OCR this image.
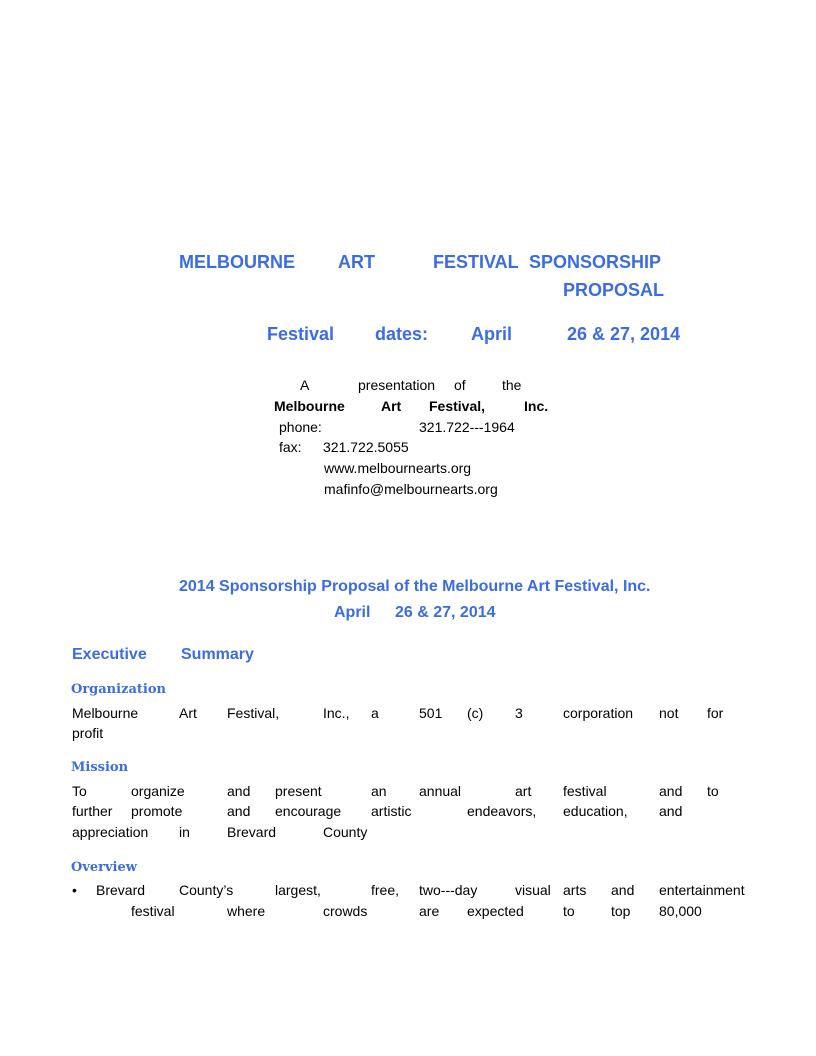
MELBOURNE ART	FESTIVAL SPONSORSHIP
PROPOSAL
Festival dates: April	26 & 27, 2014
A	presentation of	the
Melbourne	Art Festival,	Inc.
phone:	321.722---1964
fax: 321.722.5055
www.melbournearts.org
mafinfo@melbournearts.org
2014 Sponsorship Proposal of the Melbourne Art Festival, Inc.
April 26 & 27, 2014
Executive Summary
Organization
Melbourne	Art Festival,	Inc., a	501 (c) 3	corporation not for
profit
Mission
To	organize	and present	an annual	art festival	and to
further promote	and encourage artistic	endeavors, education, and
appreciation in	Brevard	County
Overview
• Brevard County’s	largest,	free, two---day	visual arts and entertainment
festival	where	crowds	are expected	to	top 80,000
